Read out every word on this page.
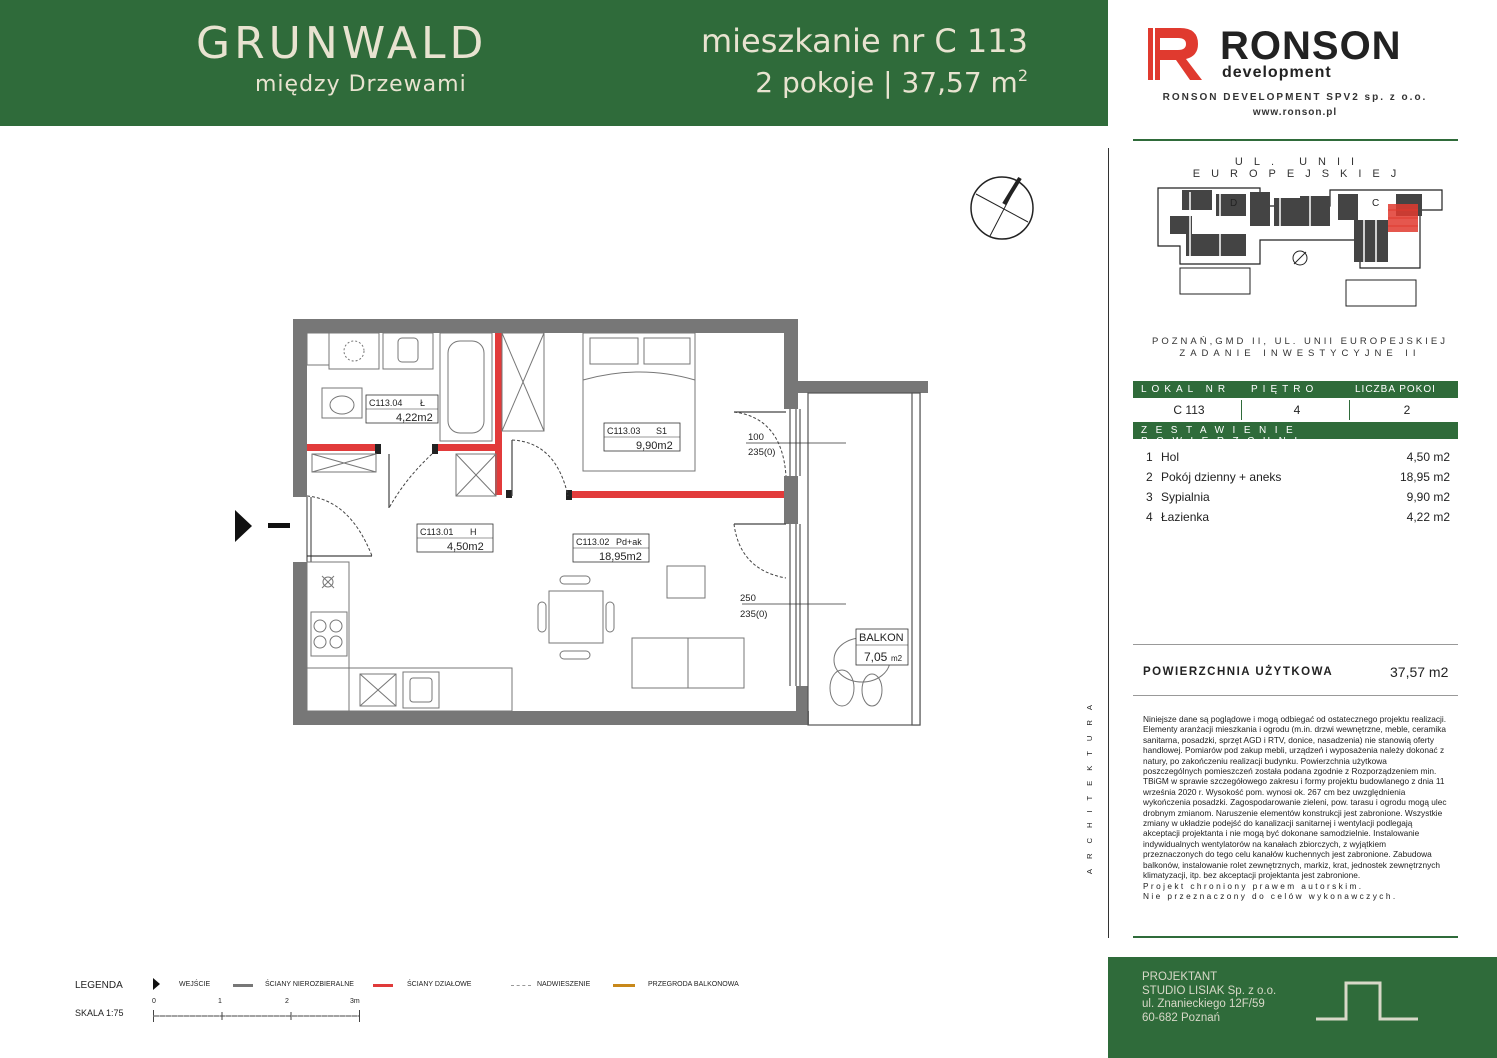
GRUNWALD
między Drzewami
mieszkanie nr C 113
2 pokoje | 37,57 $m^2$
RONSON
development
RONSON DEVELOPMENT SPV2 sp. z o.o.
www.ronson.pl
UL. UNII EUROPEJSKIEJ
D	C
POZNAŃ,GMD II, UL. UNII EUROPEJSKIEJ
ZADANIE INWESTYCYJNE II
LOKAL NR PIĘTRO	LICZBA POKOI
C 113	4	2
ZESTAWIENIE POWIERZCHNI
1 Hol	4,50 m2
2 Pokój dzienny + aneks	18,95 m2
3 Sypialnia	9,90 m2
4 Łazienka	4,22 m2
POWIERZCHNIA UŻYTKOWA	37,57 m2
Niniejsze dane są poglądowe i mogą odbiegać od ostatecznego projektu realizacji. Elementy aranżacji mieszkania i ogrodu (m.in. drzwi wewnętrzne, meble, ceramika sanitarna, posadzki, sprzęt AGD i RTV, donice, nasadzenia) nie stanowią oferty handlowej. Pomiarów pod zakup mebli, urządzeń i wyposażenia należy dokonać z natury, po zakończeniu realizacji budynku. Powierzchnia użytkowa poszczególnych pomieszczeń została podana zgodnie z Rozporządzeniem min. TBiGM w sprawie szczegółowego zakresu i formy projektu budowlanego z dnia 11 września 2020 r. Wysokość pom. wynosi ok. 267 cm bez uwzględnienia wykończenia posadzki. Zagospodarowanie zieleni, pow. tarasu i ogrodu mogą ulec drobnym zmianom. Naruszenie elementów konstrukcji jest zabronione. Wszystkie zmiany w układzie podejść do kanalizacji sanitarnej i wentylacji podlegają akceptacji projektanta i nie mogą być dokonane samodzielnie. Instalowanie indywidualnych wentylatorów na kanałach zbiorczych, z wyjątkiem przeznaczonych do tego celu kanałów kuchennych jest zabronione. Zabudowa balkonów, instalowanie rolet zewnętrznych, markiz, krat, jednostek zewnętrznych klimatyzacji, itp. bez akceptacji projektanta jest zabronione.
Projekt chroniony prawem autorskim.
Nie przeznaczony do celów wykonawczych.
ARCHITEKTURA
PROJEKTANT
STUDIO LISIAK Sp. z o.o.
ul. Znanieckiego 12F/59
60-682 Poznań
LEGENDA	WEJŚCIE	ŚCIANY NIEROZBIERALNE	ŚCIANY DZIAŁOWE	NADWIESZENIE	PRZEGRODA BALKONOWA
0	1	2	3m
SKALA 1:75
100
235(0)
250
235(0)
C113.04 Ł
4,22m2
C113.03 S1
9,90m2
C113.01 H
4,50m2	C113.02 Pd+ak
18,95m2
BALKON
7,05 m2
